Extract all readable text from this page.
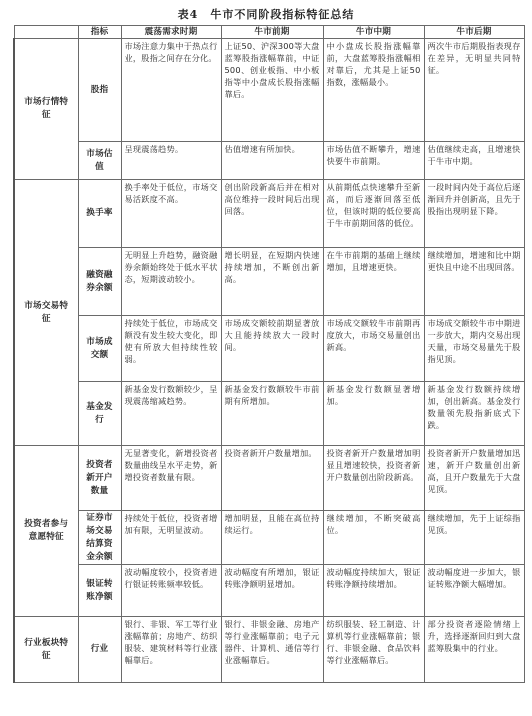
表4　牛市不同阶段指标特征总结
	指标	震荡需求时期	牛市前期	牛市中期	牛市后期
市场行情特征	股指	市场注意力集中于热点行业，股指之间存在分化。	上证50、沪深300等大盘蓝筹股指涨幅靠前，中证500、创业板指、中小板指等中小盘成长股指涨幅靠后。	中小盘成长股指涨幅靠前，大盘蓝筹股指涨幅相对靠后，尤其是上证50指数，涨幅最小。	两次牛市后期股指表现存在差异，无明显共同特征。
	市场估值	呈现震荡趋势。	估值增速有所加快。	市场估值不断攀升，增速快要牛市前期。	估值继续走高，且增速快于牛市中期。
市场交易特征	换手率	换手率处于低位，市场交易活跃度不高。	创出阶段新高后并在相对高位维持一段时间后出现回落。	从前期低点快速攀升至新高，而后逐渐回落至低位，但该时期的低位要高于牛市前期回落的低位。	一段时间内处于高位后逐渐回升并创新高，且先于股指出现明显下降。
	融资融券余额	无明显上升趋势，融资融券余额始终处于低水平状态，短期波动较小。	增长明显，在短期内快速持续增加，不断创出新高。	在牛市前期的基础上继续增加，且增速更快。	继续增加，增速和比中期更快且中途不出现回落。
	市场成交额	持续处于低位，市场成交额没有发生较大变化，即使有所放大但持续性较弱。	市场成交额较前期显著放大且能持续放大一段时间。	市场成交额较牛市前期再度放大，市场交易量创出新高。	市场成交额较牛市中期进一步放大，期内交易出现天量，市场交易量先于股指见顶。
	基金发行	新基金发行数额较少，呈现震荡缩减趋势。	新基金发行数额较牛市前期有所增加。	新基金发行数额显著增加。	新基金发行数额持续增加，创出新高。基金发行数量领先股指新底式下跌。
投资者参与意愿特征	投资者新开户数量	无显著变化，新增投资者数量曲线呈水平走势，新增投资者数量有限。	投资者新开户数量增加。	投资者新开户数量增加明显且增速较快，投资者新开户数量创出阶段新高。	投资者新开户数量增加迅速，新开户数量创出新高，且开户数量先于大盘见顶。
	证券市场交易结算资金余额	持续处于低位，投资者增加有限，无明显波动。	增加明显，且能在高位持续运行。	继续增加，不断突破高位。	继续增加，先于上证综指见顶。
	银证转账净额	波动幅度较小，投资者进行银证转账频率较低。	波动幅度有所增加，银证转账净额明显增加。	波动幅度持续加大，银证转账净额持续增加。	波动幅度进一步加大，银证转账净额大幅增加。
行业板块特征	行业	银行、非银、军工等行业涨幅靠前；房地产、纺织服装、建筑材料等行业涨幅靠后。	银行、非银金融、房地产等行业涨幅靠前；电子元器件、计算机、通信等行业涨幅靠后。	纺织服装、轻工制造、计算机等行业涨幅靠前；银行、非银金融、食品饮料等行业涨幅靠后。	部分投资者逐险情绪上升，选择逐渐回归到大盘蓝筹股集中的行业。
